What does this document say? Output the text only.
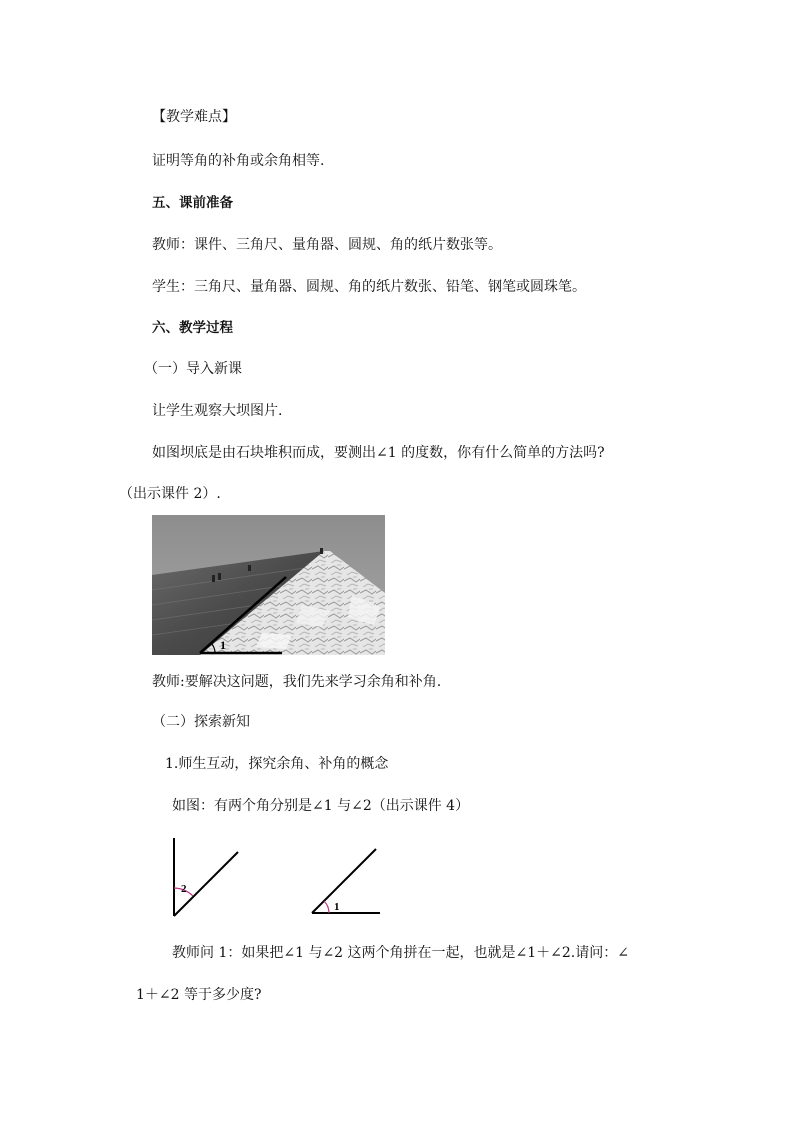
【教学难点】
证明等角的补角或余角相等.
五、课前准备
教师：课件、三角尺、量角器、圆规、角的纸片数张等。
学生：三角尺、量角器、圆规、角的纸片数张、铅笔、钢笔或圆珠笔。
六、教学过程
（一）导入新课
让学生观察大坝图片.
如图坝底是由石块堆积而成，要测出∠1 的度数，你有什么简单的方法吗?
（出示课件 2）.
1
教师:要解决这问题，我们先来学习余角和补角.
（二）探索新知
1.师生互动，探究余角、补角的概念
如图：有两个角分别是∠1 与∠2（出示课件 4）
2
1
教师问 1：如果把∠1 与∠2 这两个角拼在一起，也就是∠1＋∠2.请问：∠
1＋∠2 等于多少度?
